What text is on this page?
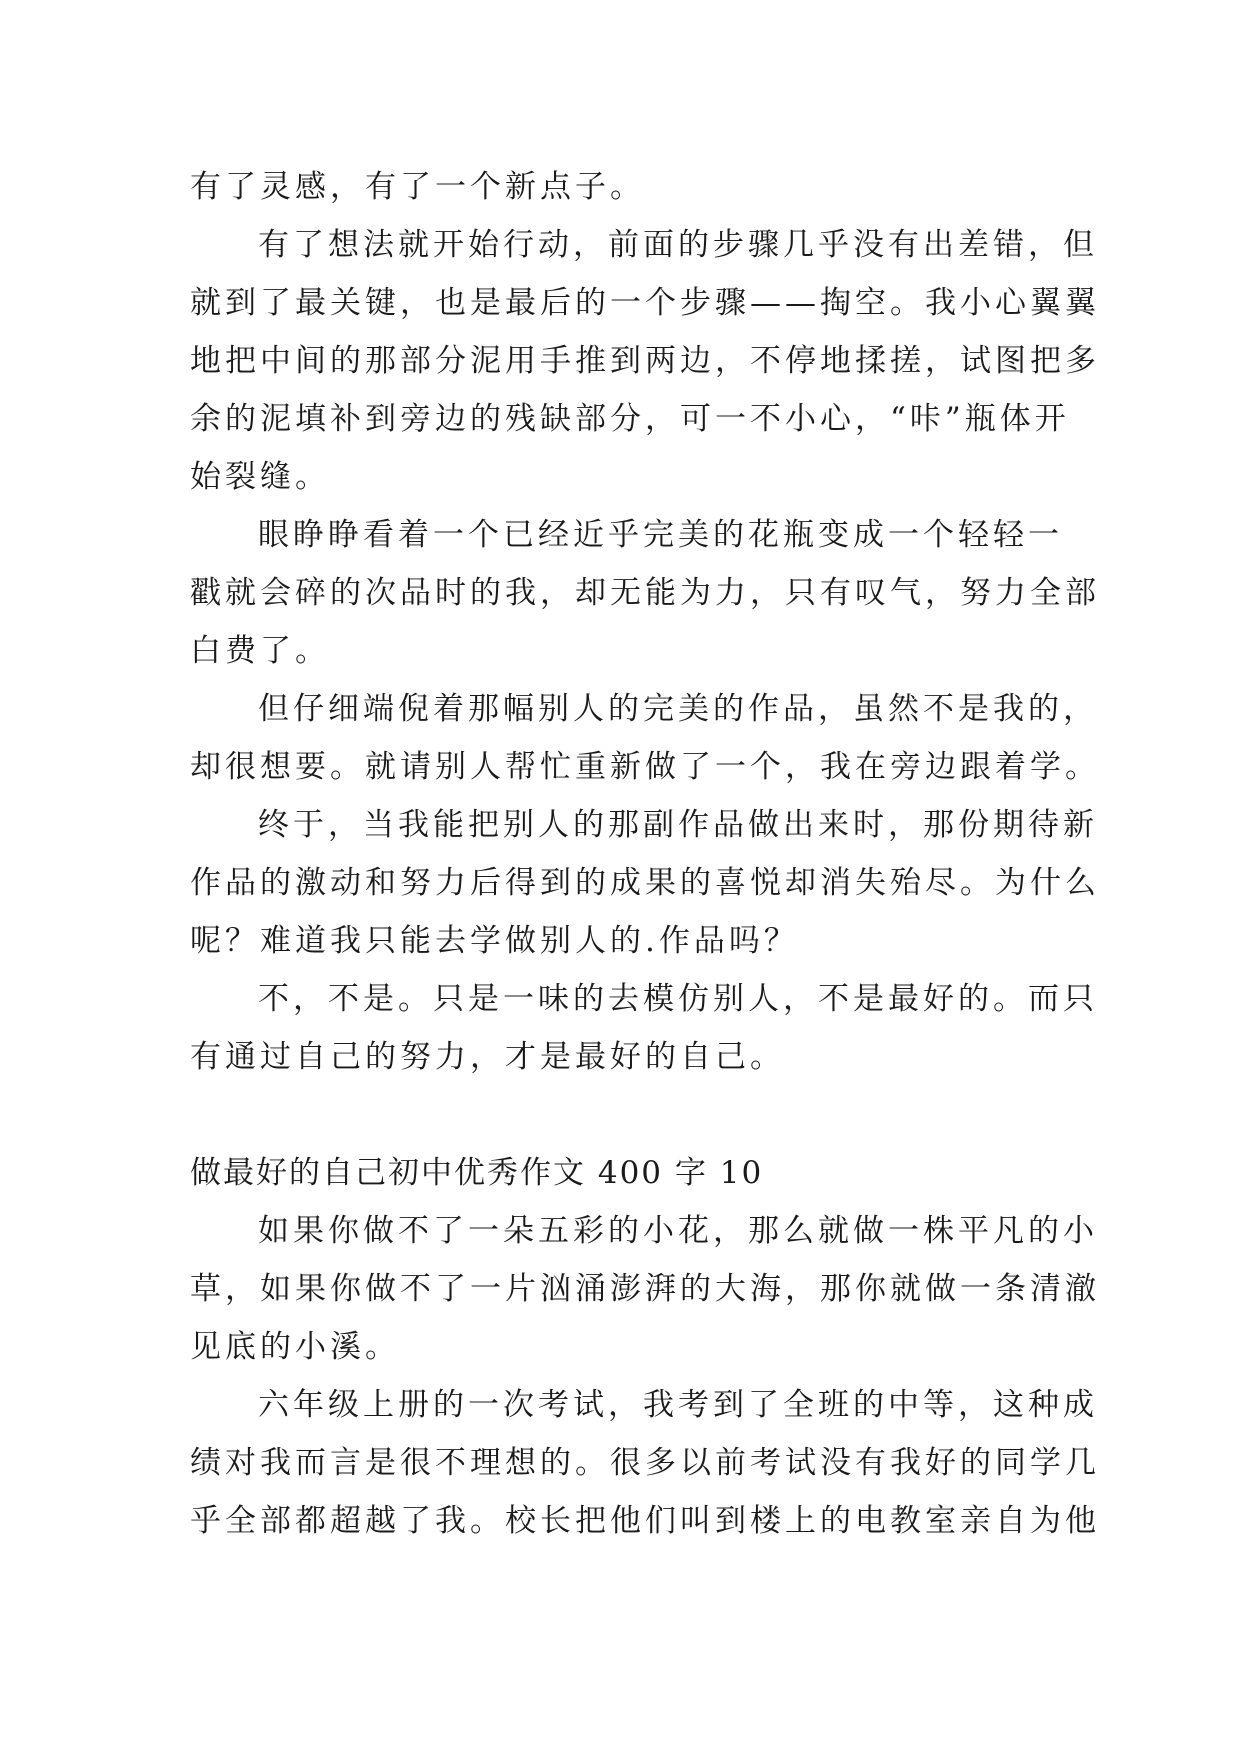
有了灵感，有了一个新点子。
有了想法就开始行动，前面的步骤几乎没有出差错，但
就到了最关键，也是最后的一个步骤——掏空。我小心翼翼
地把中间的那部分泥用手推到两边，不停地揉搓，试图把多
余的泥填补到旁边的残缺部分，可一不小心，“咔”瓶体开
始裂缝。
眼睁睁看着一个已经近乎完美的花瓶变成一个轻轻一
戳就会碎的次品时的我，却无能为力，只有叹气，努力全部
白费了。
但仔细端倪着那幅别人的完美的作品，虽然不是我的，
却很想要。就请别人帮忙重新做了一个，我在旁边跟着学。
终于，当我能把别人的那副作品做出来时，那份期待新
作品的激动和努力后得到的成果的喜悦却消失殆尽。为什么
呢？难道我只能去学做别人的.作品吗？
不，不是。只是一味的去模仿别人，不是最好的。而只
有通过自己的努力，才是最好的自己。
做最好的自己初中优秀作文 400 字 10
如果你做不了一朵五彩的小花，那么就做一株平凡的小
草，如果你做不了一片汹涌澎湃的大海，那你就做一条清澈
见底的小溪。
六年级上册的一次考试，我考到了全班的中等，这种成
绩对我而言是很不理想的。很多以前考试没有我好的同学几
乎全部都超越了我。校长把他们叫到楼上的电教室亲自为他
